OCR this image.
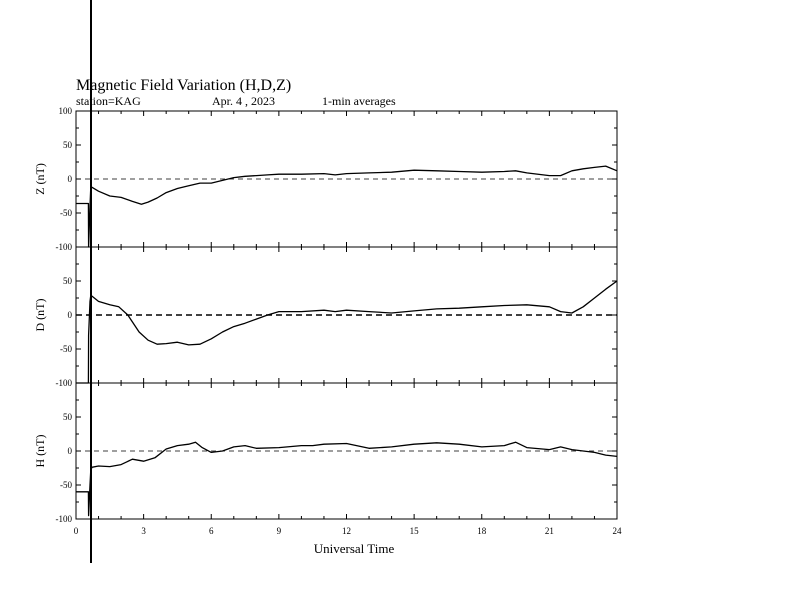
Magnetic Field Variation (H,D,Z)
station=KAG	Apr. 4 , 2023	1-min averages
-100
-50
0
50
100
Z (nT)
-100
-50
0
50
D (nT)
-100
-50
0
50
H (nT)
0	3	6	9	12	15	18	21	24
Universal Time
